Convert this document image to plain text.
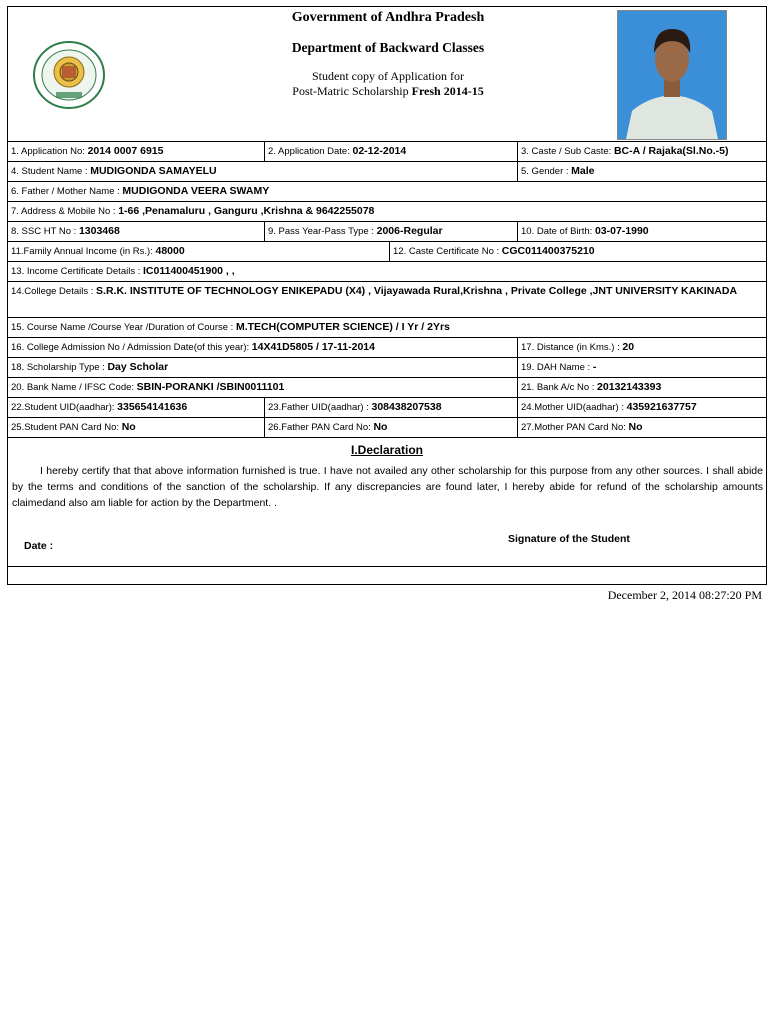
Government of Andhra Pradesh
Department of Backward Classes
Student copy of Application for
Post-Matric Scholarship Fresh 2014-15
1. Application No: 2014 0007 6915	2. Application Date: 02-12-2014	3. Caste / Sub Caste: BC-A / Rajaka(Sl.No.-5)
4. Student Name : MUDIGONDA SAMAYELU	5. Gender : Male
6. Father / Mother Name : MUDIGONDA VEERA SWAMY
7. Address & Mobile No : 1-66 ,Penamaluru , Ganguru ,Krishna & 9642255078
8. SSC HT No : 1303468	9. Pass Year-Pass Type : 2006-Regular	10. Date of Birth: 03-07-1990
11.Family Annual Income (in Rs.): 48000	12. Caste Certificate No : CGC011400375210
13. Income Certificate Details : IC011400451900 , ,
14.College Details : S.R.K. INSTITUTE OF TECHNOLOGY ENIKEPADU (X4) , Vijayawada Rural,Krishna , Private College ,JNT UNIVERSITY KAKINADA
15. Course Name /Course Year /Duration of Course : M.TECH(COMPUTER SCIENCE) / I Yr / 2Yrs
16. College Admission No / Admission Date(of this year): 14X41D5805 / 17-11-2014	17. Distance (in Kms.) : 20
18. Scholarship Type : Day Scholar	19. DAH Name : -
20. Bank Name / IFSC Code: SBIN-PORANKI /SBIN0011101	21. Bank A/c No : 20132143393
22.Student UID(aadhar): 335654141636	23.Father UID(aadhar) : 308438207538	24.Mother UID(aadhar) : 435921637757
25.Student PAN Card No: No	26.Father PAN Card No: No	27.Mother PAN Card No: No
I.Declaration
I hereby certify that that above information furnished is true. I have not availed any other scholarship for this purpose from any other sources. I shall abide by the terms and conditions of the sanction of the scholarship. If any discrepancies are found later, I hereby abide for refund of the scholarship amounts claimedand also am liable for action by the Department. .
Date :
Signature of the Student
December 2, 2014 08:27:20 PM
